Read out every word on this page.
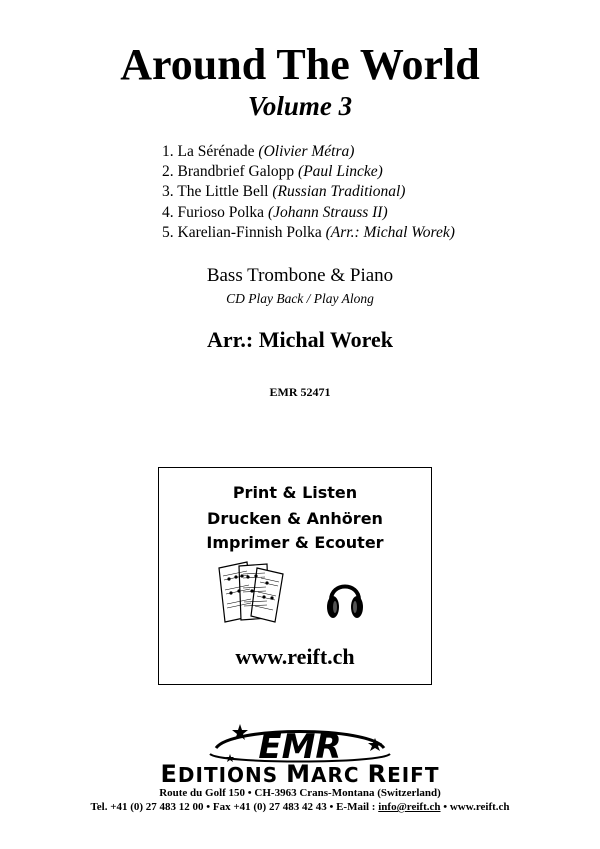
Around The World
Volume 3
1. La Sérénade (Olivier Métra)
2. Brandbrief Galopp (Paul Lincke)
3. The Little Bell (Russian Traditional)
4. Furioso Polka (Johann Strauss II)
5. Karelian-Finnish Polka (Arr.: Michal Worek)
Bass Trombone & Piano
CD Play Back / Play Along
Arr.: Michal Worek
EMR 52471
Print & Listen
Drucken & Anhören
Imprimer & Ecouter
www.reift.ch
EMR
EDITIONS MARC REIFT
Route du Golf 150 • CH-3963 Crans-Montana (Switzerland)
Tel. +41 (0) 27 483 12 00 • Fax +41 (0) 27 483 42 43 • E-Mail : info@reift.ch • www.reift.ch
